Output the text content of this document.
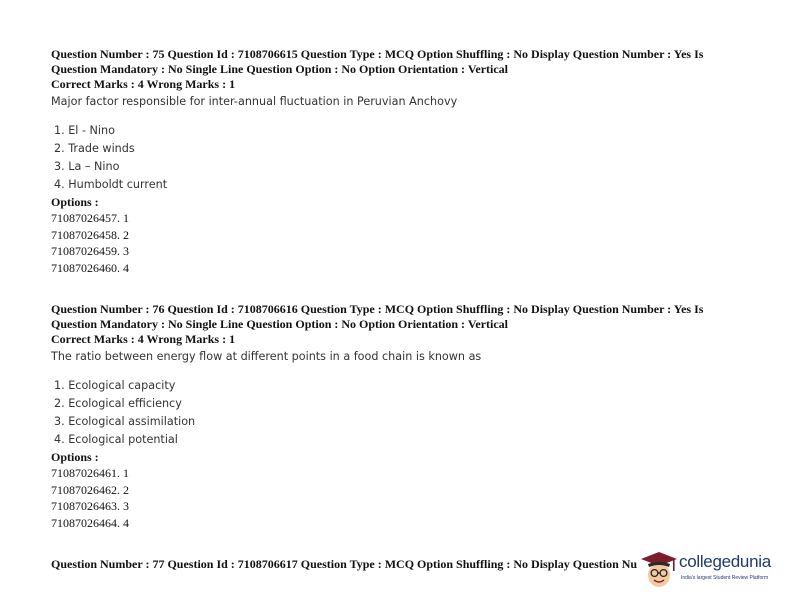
Question Number : 75 Question Id : 7108706615 Question Type : MCQ Option Shuffling : No Display Question Number : Yes Is

Question Mandatory : No Single Line Question Option : No Option Orientation : Vertical

Correct Marks : 4 Wrong Marks : 1

Major factor responsible for inter-annual fluctuation in Peruvian Anchovy

1. El - Nino
2. Trade winds
3. La – Nino
4. Humboldt current

Options :

71087026457. 1
71087026458. 2
71087026459. 3
71087026460. 4

Question Number : 76 Question Id : 7108706616 Question Type : MCQ Option Shuffling : No Display Question Number : Yes Is

Question Mandatory : No Single Line Question Option : No Option Orientation : Vertical

Correct Marks : 4 Wrong Marks : 1

The ratio between energy flow at different points in a food chain is known as

1. Ecological capacity
2. Ecological efficiency
3. Ecological assimilation
4. Ecological potential

Options :

71087026461. 1
71087026462. 2
71087026463. 3
71087026464. 4

Question Number : 77 Question Id : 7108706617 Question Type : MCQ Option Shuffling : No Display Question Nu	collegedunia
India's largest Student Review Platform
